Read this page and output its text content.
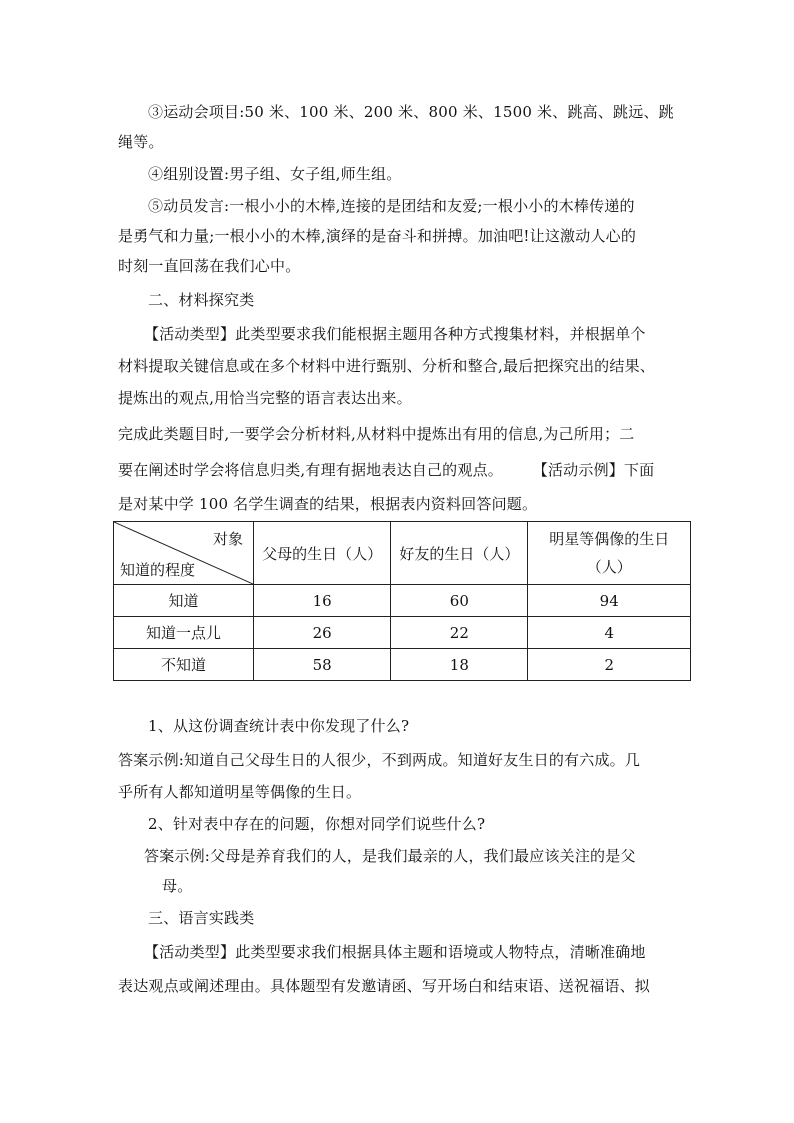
③运动会项目:50 米、100 米、200 米、800 米、1500 米、跳高、跳远、跳
绳等。
④组别设置:男子组、女子组,师生组。
⑤动员发言:一根小小的木棒,连接的是团结和友爱;一根小小的木棒传递的
是勇气和力量;一根小小的木棒,演绎的是奋斗和拼搏。加油吧!让这激动人心的
时刻一直回荡在我们心中。
二、材料探究类
【活动类型】此类型要求我们能根据主题用各种方式搜集材料，并根据单个
材料提取关键信息或在多个材料中进行甄别、分析和整合,最后把探究出的结果、
提炼出的观点,用恰当完整的语言表达出来。
完成此类题目时,一要学会分析材料,从材料中提炼出有用的信息,为己所用；二
要在阐述时学会将信息归类,有理有据地表达自己的观点。      【活动示例】下面
是对某中学 100 名学生调查的结果，根据表内资料回答问题。
对象
知道的程度	父母的生日（人）	好友的生日（人）	明星等偶像的生日（人）
知道	16	60	94
知道一点儿	26	22	4
不知道	58	18	2
1、从这份调查统计表中你发现了什么?
答案示例:知道自己父母生日的人很少，不到两成。知道好友生日的有六成。几
乎所有人都知道明星等偶像的生日。
2、针对表中存在的问题，你想对同学们说些什么?
答案示例:父母是养育我们的人，是我们最亲的人，我们最应该关注的是父
母。
三、语言实践类
【活动类型】此类型要求我们根据具体主题和语境或人物特点，清晰准确地
表达观点或阐述理由。具体题型有发邀请函、写开场白和结束语、送祝福语、拟
